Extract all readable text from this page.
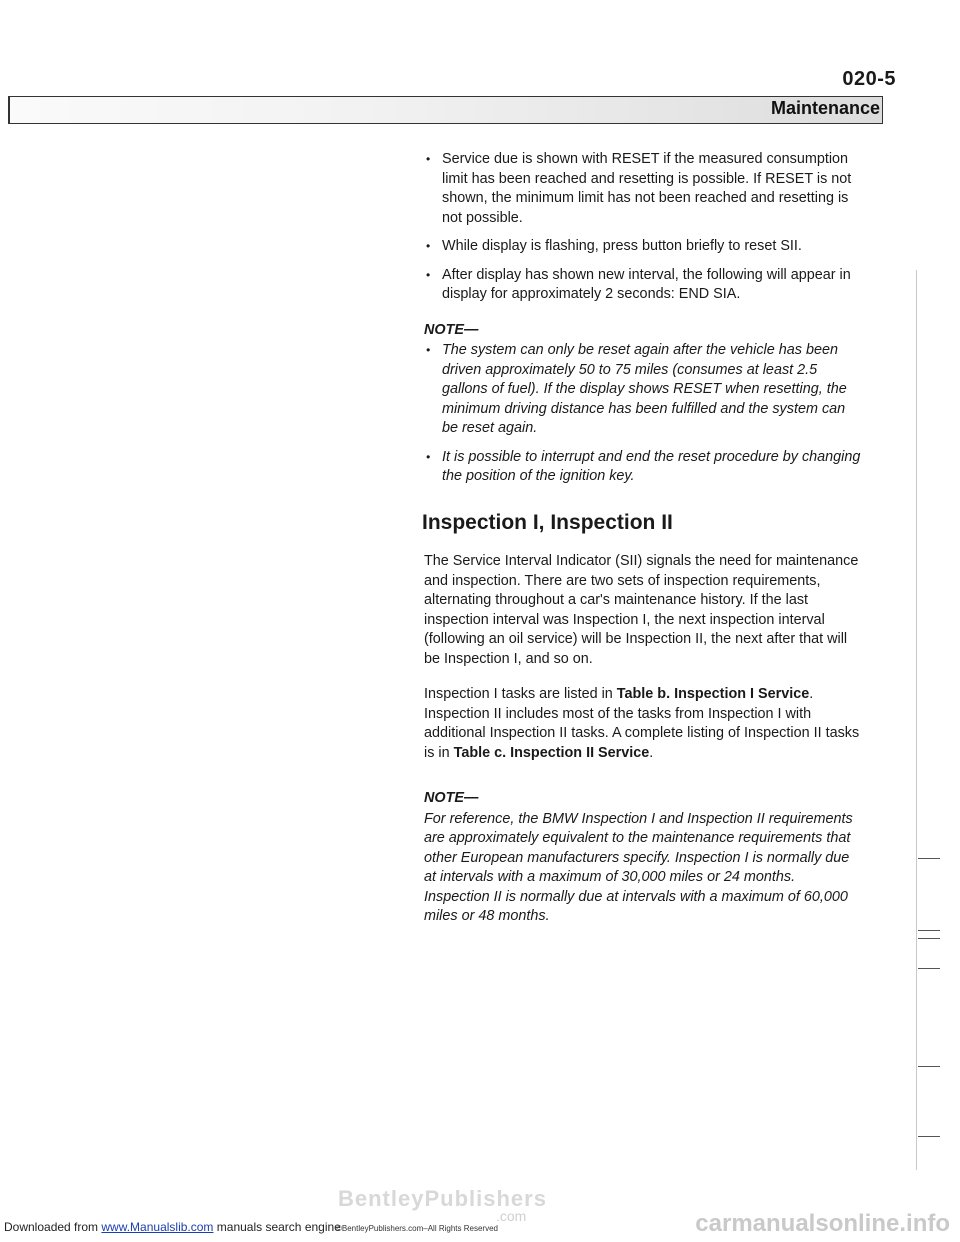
020-5
Maintenance
• Service due is shown with RESET if the measured consumption limit has been reached and resetting is possible. If RESET is not shown, the minimum limit has not been reached and resetting is not possible.
• While display is flashing, press button briefly to reset SII.
• After display has shown new interval, the following will appear in display for approximately 2 seconds: END SIA.
NOTE—
• The system can only be reset again after the vehicle has been driven approximately 50 to 75 miles (consumes at least 2.5 gallons of fuel). If the display shows RESET when resetting, the minimum driving distance has been fulfilled and the system can be reset again.
• It is possible to interrupt and end the reset procedure by changing the position of the ignition key.
Inspection I, Inspection II

The Service Interval Indicator (SII) signals the need for maintenance and inspection. There are two sets of inspection requirements, alternating throughout a car's maintenance history. If the last inspection interval was Inspection I, the next inspection interval (following an oil service) will be Inspection II, the next after that will be Inspection I, and so on.

Inspection I tasks are listed in Table b. Inspection I Service. Inspection II includes most of the tasks from Inspection I with additional Inspection II tasks. A complete listing of Inspection II tasks is in Table c. Inspection II Service.

NOTE—

For reference, the BMW Inspection I and Inspection II requirements are approximately equivalent to the maintenance requirements that other European manufacturers specify. Inspection I is normally due at intervals with a maximum of 30,000 miles or 24 months. Inspection II is normally due at intervals with a maximum of 60,000 miles or 48 months.

BentleyPublishers
.com
Downloaded from www.Manualslib.com manuals search engine
©BentleyPublishers.com–All Rights Reserved	carmanualsonline.info
